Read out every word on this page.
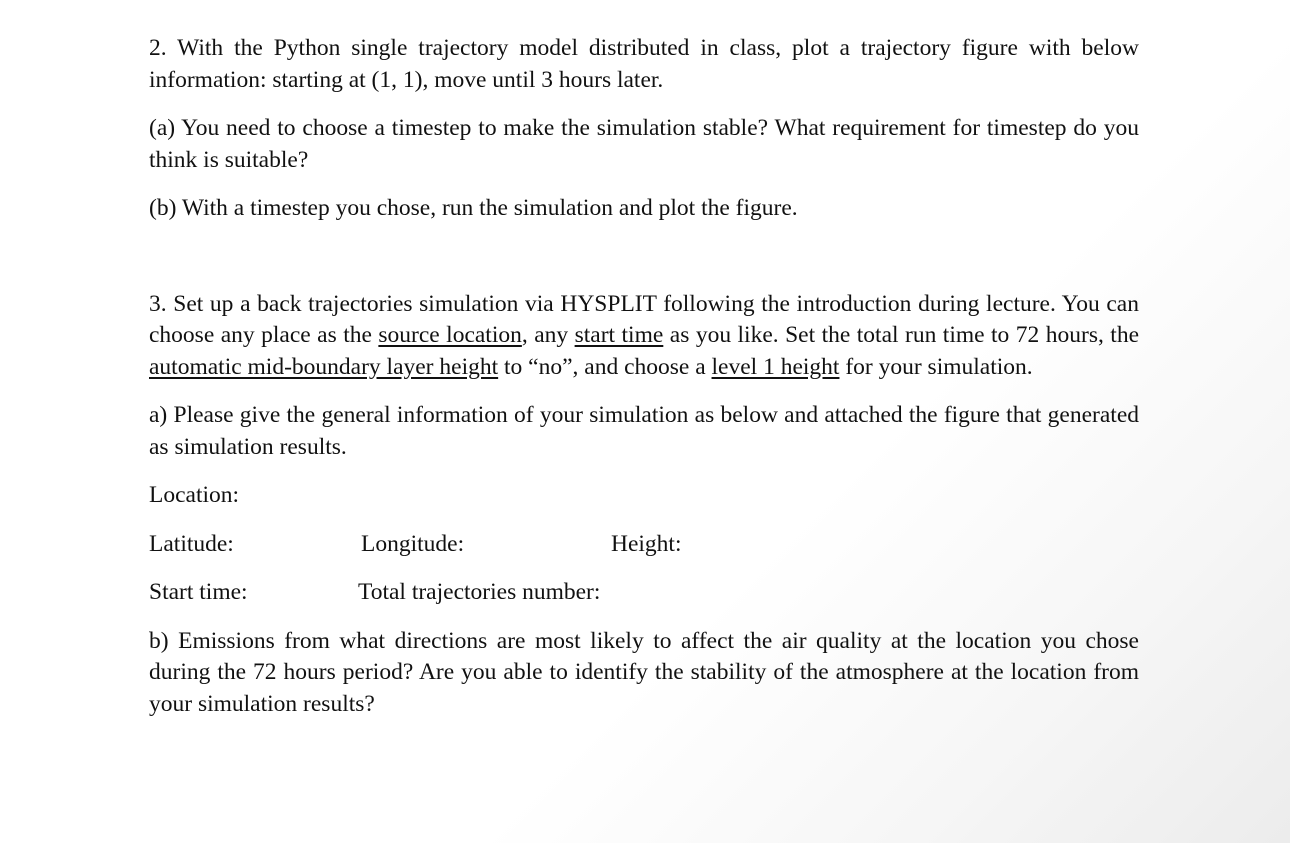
2. With the Python single trajectory model distributed in class, plot a trajectory figure with below information: starting at (1, 1), move until 3 hours later.

(a) You need to choose a timestep to make the simulation stable? What requirement for timestep do you think is suitable?

(b) With a timestep you chose, run the simulation and plot the figure.

3. Set up a back trajectories simulation via HYSPLIT following the introduction during lecture. You can choose any place as the source location, any start time as you like. Set the total run time to 72 hours, the automatic mid-boundary layer height to “no”, and choose a level 1 height for your simulation.

a) Please give the general information of your simulation as below and attached the figure that generated as simulation results.

Location:
Latitude:	Longitude:	Height:
Start time:	Total trajectories number:

b) Emissions from what directions are most likely to affect the air quality at the location you chose during the 72 hours period? Are you able to identify the stability of the atmosphere at the location from your simulation results?
